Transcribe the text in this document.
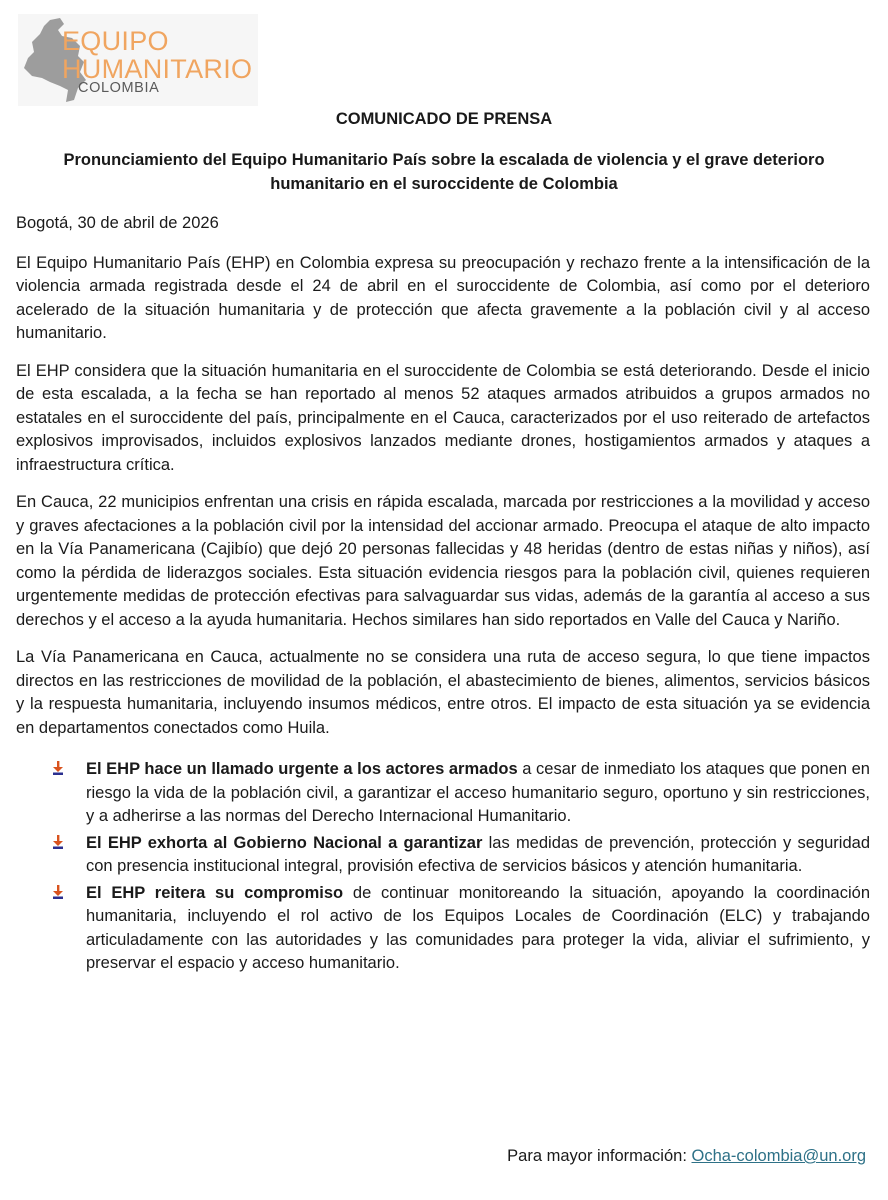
EQUIPO
HUMANITARIO
COLOMBIA
COMUNICADO DE PRENSA
Pronunciamiento del Equipo Humanitario País sobre la escalada de violencia y el grave deterioro humanitario en el suroccidente de Colombia

Bogotá, 30 de abril de 2026

El Equipo Humanitario País (EHP) en Colombia expresa su preocupación y rechazo frente a la intensificación de la violencia armada registrada desde el 24 de abril en el suroccidente de Colombia, así como por el deterioro acelerado de la situación humanitaria y de protección que afecta gravemente a la población civil y al acceso humanitario.

El EHP considera que la situación humanitaria en el suroccidente de Colombia se está deteriorando. Desde el inicio de esta escalada, a la fecha se han reportado al menos 52 ataques armados atribuidos a grupos armados no estatales en el suroccidente del país, principalmente en el Cauca, caracterizados por el uso reiterado de artefactos explosivos improvisados, incluidos explosivos lanzados mediante drones, hostigamientos armados y ataques a infraestructura crítica.

En Cauca, 22 municipios enfrentan una crisis en rápida escalada, marcada por restricciones a la movilidad y acceso y graves afectaciones a la población civil por la intensidad del accionar armado. Preocupa el ataque de alto impacto en la Vía Panamericana (Cajibío) que dejó 20 personas fallecidas y 48 heridas (dentro de estas niñas y niños), así como la pérdida de liderazgos sociales. Esta situación evidencia riesgos para la población civil, quienes requieren urgentemente medidas de protección efectivas para salvaguardar sus vidas, además de la garantía al acceso a sus derechos y el acceso a la ayuda humanitaria. Hechos similares han sido reportados en Valle del Cauca y Nariño.

La Vía Panamericana en Cauca, actualmente no se considera una ruta de acceso segura, lo que tiene impactos directos en las restricciones de movilidad de la población, el abastecimiento de bienes, alimentos, servicios básicos y la respuesta humanitaria, incluyendo insumos médicos, entre otros. El impacto de esta situación ya se evidencia en departamentos conectados como Huila.

El EHP hace un llamado urgente a los actores armados a cesar de inmediato los ataques que ponen en riesgo la vida de la población civil, a garantizar el acceso humanitario seguro, oportuno y sin restricciones, y a adherirse a las normas del Derecho Internacional Humanitario.
El EHP exhorta al Gobierno Nacional a garantizar las medidas de prevención, protección y seguridad con presencia institucional integral, provisión efectiva de servicios básicos y atención humanitaria.
El EHP reitera su compromiso de continuar monitoreando la situación, apoyando la coordinación humanitaria, incluyendo el rol activo de los Equipos Locales de Coordinación (ELC) y trabajando articuladamente con las autoridades y las comunidades para proteger la vida, aliviar el sufrimiento, y preservar el espacio y acceso humanitario.
Para mayor información: Ocha-colombia@un.org
